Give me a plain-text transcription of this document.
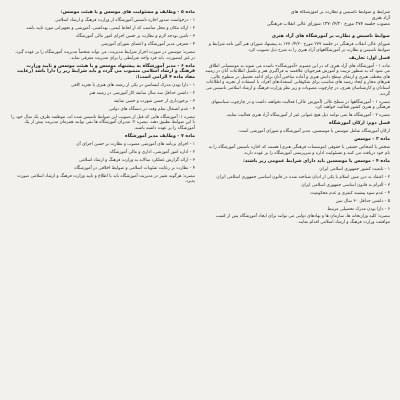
شرایط و ضوابط تاسیس و نظارت بر آموزشگاه های
آزاد هنری
مصوب جلسه ۲۷۷ مورخ ۱۳۷۰/۴/۲۰ شورای عالی انقلاب فرهنگی

ضوابط تاسیس و نظارت بر آموزشگاه های آزاد هنری

شورای عالی انقلاب فرهنگی در جلسه ۲۷۷ مورخ ۱۳۷۰/۴/۲۰ به پیشنهاد شورای هنر آئین نامه شرایط و ضوابط تاسیس و نظارت بر آموزشگاههای آزاد هنری را به شرح ذیل تصویب کرد.

فصل اول: تعاریف

ماده ۱ - آموزشگاه های آزاد هنری که در این مصوبه «آموزشگاه» نامیده می شوند به موسساتی اطلاق می شود که به منظور تربیت و آموزش هنرجویان علاقمند به فراگیری هنر و تکمیل اطلاعات آنان در زمینه های مختلف هنری و ارتقای سطح دانش هنری و آماده ساختن آنان برای ادامه تحصیل در سطوح عالی، هنرهای مجاز و ایجاد زمینه های مناسب برای شکوفایی استعدادهای افراد، با استفاده از تجربه و اطلاعات استادان و کارشناسان هنری، در چارچوب مصوبات و زیر نظر وزارت فرهنگ و ارشاد اسلامی تاسیس می گردند.

تبصره ۱ - آموزشگاهها در سطح عالی (آموزش عالی) فعالیت نخواهند داشت و در چارچوب سیاستهای فرهنگی و هنری کشور فعالیت خواهند کرد.

تبصره ۲ - آموزشگاه ها نمی توانند ذیل هیچ عنوانی غیر از آموزشگاه آزاد هنری فعالیت نمایند.

فصل دوم: ارکان آموزشگاه

ارکان آموزشگاه شامل موسس یا موسسین، مدیر آموزشگاه و شورای آموزشی است.

ماده ۳ - موسس

شخص یا اشخاص حقیقی یا حقوقی (موسسات فرهنگی هنری) هستند که اجازه تاسیس آموزشگاه را به نام خود دریافت می کنند و مسئولیت اداره و سرپرستی آموزشگاه را بر عهده دارند.

ماده ۴ - موسس یا موسسین باید دارای شرایط عمومی زیر باشند:

۱ - تابعیت کشور جمهوری اسلامی ایران

۲ - اعتقاد به دین مبین اسلام یا یکی از ادیان شناخته شده در قانون اساسی جمهوری اسلامی ایران

۳ - التزام به قانون اساسی جمهوری اسلامی ایران

۴ - عدم سوء پیشینه کیفری و عدم محکومیت

۵ - داشتن حداقل ۳۰ سال سن

۶ - دارا بودن مدرک تحصیلی مرتبط

تبصره: کلیه وزارتخانه ها، سازمان ها و نهادهای دولتی می توانند برای ایجاد آموزشگاه پس از کسب موافقت وزارت فرهنگ و ارشاد اسلامی اقدام نمایند.

ماده ۵ - وظایف و مسئولیت های موسس و یا هیئت موسس:

۱ - درخواست صدور اجازه تاسیس آموزشگاه از وزارت فرهنگ و ارشاد اسلامی

۲ - ارائه مکان و محل مناسب که از لحاظ ایمنی، بهداشتی، آموزشی و تجهیزاتی مورد تایید باشد

۳ - تامین بودجه لازم و نظارت بر حسن اجرای امور مالی آموزشگاه

۴ - معرفی مدیر آموزشگاه و اعضای شورای آموزشی

تبصره: موسس در صورت احراز شرایط مدیریت، می تواند شخصاً مدیریت آموزشگاه را بر عهده گیرد. در غیر اینصورت، باید فرد واجد شرایطی را برای مدیریت معرفی نماید.

ماده ۶ - مدیر آموزشگاه به پیشنهاد موسس و یا هیئت موسس و تایید وزارت فرهنگ و ارشاد اسلامی منصوب می گردد و باید شرایط زیر را دارا باشد (رعایت مفاد ماده ۴ الزامی است):

۱ - دارا بودن مدرک لیسانس در یکی از رشته های هنری یا تجربه کافی

۲ - داشتن حداقل سه سال سابقه کار آموزشی در زمینه هنر

۳ - برخورداری از حسن شهرت و حسن سابقه

۴ - عدم اشتغال تمام وقت در دستگاه های دولتی

تبصره ۱: آموزشگاه هایی که قبل از تصویب این ضوابط تاسیس شده اند، موظفند ظرف یک سال خود را با این ضوابط تطبیق دهند. تبصره ۲: مدیران آموزشگاه ها نمی توانند همزمان مدیریت بیش از یک آموزشگاه را بر عهده داشته باشند.

ماده ۷ - وظایف مدیر آموزشگاه

۱ - اجرای برنامه های آموزشی مصوب و نظارت بر حسن اجرای آن

۲ - اداره امور آموزشی، اداری و مالی آموزشگاه

۳ - ارائه گزارش عملکرد سالانه به وزارت فرهنگ و ارشاد اسلامی

۴ - نظارت بر رعایت شئونات اسلامی و ضوابط اخلاقی در آموزشگاه

تبصره: هرگونه تغییر در مدیریت آموزشگاه باید با اطلاع و تایید وزارت فرهنگ و ارشاد اسلامی صورت پذیرد.
